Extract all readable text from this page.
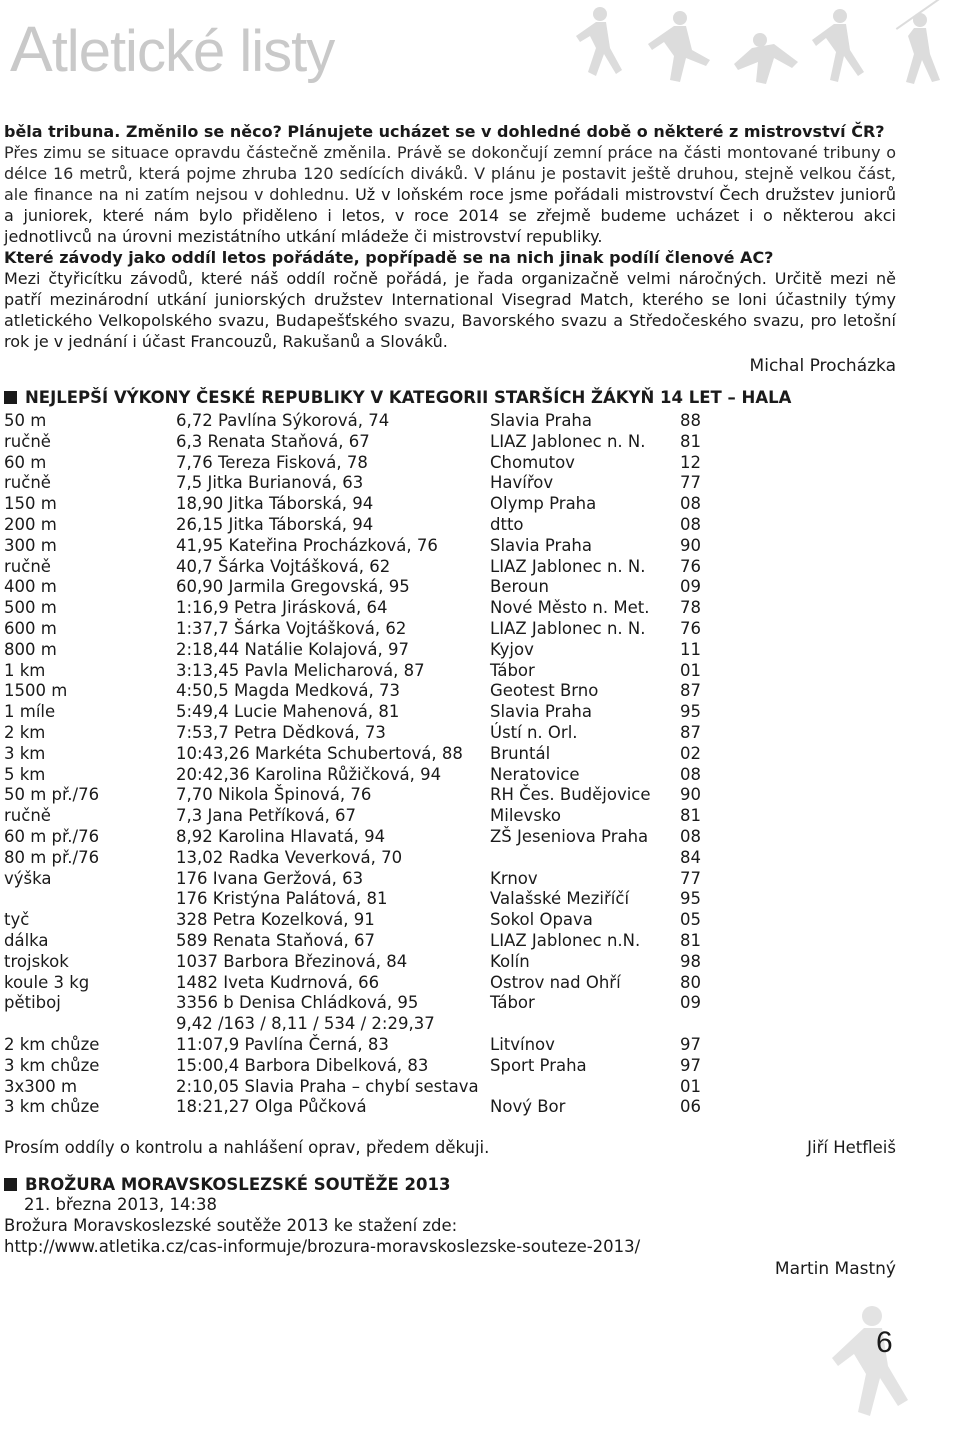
Atletické listy

běla tribuna. Změnilo se něco? Plánujete ucházet se v dohledné době o některé z mistrovství ČR?

Přes zimu se situace opravdu částečně změnila. Právě se dokončují zemní práce na části montované tribuny o délce 16 metrů, která pojme zhruba 120 sedících diváků. V plánu je postavit ještě druhou, stejně velkou část, ale finance na ni zatím nejsou v dohlednu. Už v loňském roce jsme pořádali mistrovství Čech družstev juniorů a juniorek, které nám bylo přiděleno i letos, v roce 2014 se zřejmě budeme ucházet i o některou akci jednotlivců na úrovni mezistátního utkání mládeže či mistrovství republiky.

Které závody jako oddíl letos pořádáte, popřípadě se na nich jinak podílí členové AC?

Mezi čtyřicítku závodů, které náš oddíl ročně pořádá, je řada organizačně velmi náročných. Určitě mezi ně patří mezinárodní utkání juniorských družstev International Visegrad Match, kterého se loni účastnily týmy atletického Velkopolského svazu, Budapešťského svazu, Bavorského svazu a Středočeského svazu, pro letošní rok je v jednání i účast Francouzů, Rakušanů a Slováků.

Michal Procházka
NEJLEPŠÍ VÝKONY ČESKÉ REPUBLIKY V KATEGORII STARŠÍCH ŽÁKYŇ 14 LET – HALA
50 m	6,72 Pavlína Sýkorová, 74	Slavia Praha	88
ručně	6,3 Renata Staňová, 67	LIAZ Jablonec n. N.	81
60 m	7,76 Tereza Fisková, 78	Chomutov	12
ručně	7,5 Jitka Burianová, 63	Havířov	77
150 m	18,90 Jitka Táborská, 94	Olymp Praha	08
200 m	26,15 Jitka Táborská, 94	dtto	08
300 m	41,95 Kateřina Procházková, 76	Slavia Praha	90
ručně	40,7 Šárka Vojtášková, 62	LIAZ Jablonec n. N.	76
400 m	60,90 Jarmila Gregovská, 95	Beroun	09
500 m	1:16,9 Petra Jirásková, 64	Nové Město n. Met.	78
600 m	1:37,7 Šárka Vojtášková, 62	LIAZ Jablonec n. N.	76
800 m	2:18,44 Natálie Kolajová, 97	Kyjov	11
1 km	3:13,45 Pavla Melicharová, 87	Tábor	01
1500 m	4:50,5 Magda Medková, 73	Geotest Brno	87
1 míle	5:49,4 Lucie Mahenová, 81	Slavia Praha	95
2 km	7:53,7 Petra Dědková, 73	Ústí n. Orl.	87
3 km	10:43,26 Markéta Schubertová, 88	Bruntál	02
5 km	20:42,36 Karolina Růžičková, 94	Neratovice	08
50 m př./76	7,70 Nikola Špinová, 76	RH Čes. Budějovice	90
ručně	7,3 Jana Petříková, 67	Milevsko	81
60 m př./76	8,92 Karolina Hlavatá, 94	ZŠ Jeseniova Praha	08
80 m př./76	13,02 Radka Veverková, 70		84
výška	176 Ivana Geržová, 63	Krnov	77
	176 Kristýna Palátová, 81	Valašské Meziříčí	95
tyč	328 Petra Kozelková, 91	Sokol Opava	05
dálka	589 Renata Staňová, 67	LIAZ Jablonec n.N.	81
trojskok	1037 Barbora Březinová, 84	Kolín	98
koule 3 kg	1482 Iveta Kudrnová, 66	Ostrov nad Ohří	80
pětiboj	3356 b Denisa Chládková, 95	Tábor	09
	9,42 /163 / 8,11 / 534 / 2:29,37		
2 km chůze	11:07,9 Pavlína Černá, 83	Litvínov	97
3 km chůze	15:00,4 Barbora Dibelková, 83	Sport Praha	97
3x300 m	2:10,05 Slavia Praha – chybí sestava		01
3 km chůze	18:21,27 Olga Půčková	Nový Bor	06
Prosím oddíly o kontrolu a nahlášení oprav, předem děkuji.	Jiří Hetfleiš
BROŽURA MORAVSKOSLEZSKÉ SOUTĚŽE 2013
21. března 2013, 14:38
Brožura Moravskoslezské soutěže 2013 ke stažení zde:
http://www.atletika.cz/cas-informuje/brozura-moravskoslezske-souteze-2013/
Martin Mastný
6
